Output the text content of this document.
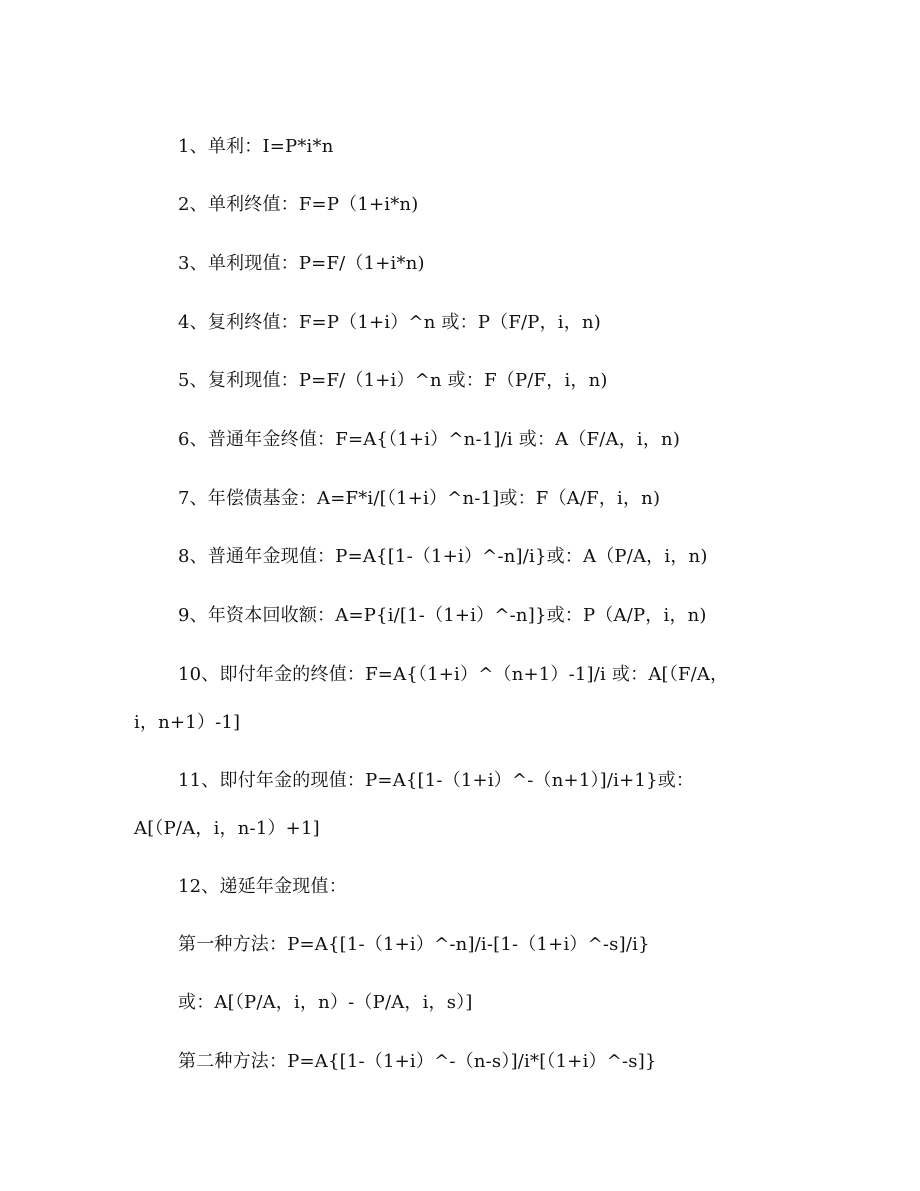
1、单利：I=P*i*n
2、单利终值：F=P（1+i*n)
3、单利现值：P=F/（1+i*n)
4、复利终值：F=P（1+i）^n 或：P（F/P，i，n)
5、复利现值：P=F/（1+i）^n 或：F（P/F，i，n)
6、普通年金终值：F=A{（1+i）^n-1]/i 或：A（F/A，i，n)
7、年偿债基金：A=F*i/[（1+i）^n-1]或：F（A/F，i，n)
8、普通年金现值：P=A{[1-（1+i）^-n]/i}或：A（P/A，i，n)
9、年资本回收额：A=P{i/[1-（1+i）^-n]}或：P（A/P，i，n)
10、即付年金的终值：F=A{（1+i）^（n+1）-1]/i 或：A[（F/A，
i，n+1）-1]
11、即付年金的现值：P=A{[1-（1+i）^-（n+1）]/i+1}或：
A[（P/A，i，n-1）+1]
12、递延年金现值：
第一种方法：P=A{[1-（1+i）^-n]/i-[1-（1+i）^-s]/i}
或：A[（P/A，i，n）-（P/A，i，s）]
第二种方法：P=A{[1-（1+i）^-（n-s）]/i*[（1+i）^-s]}
